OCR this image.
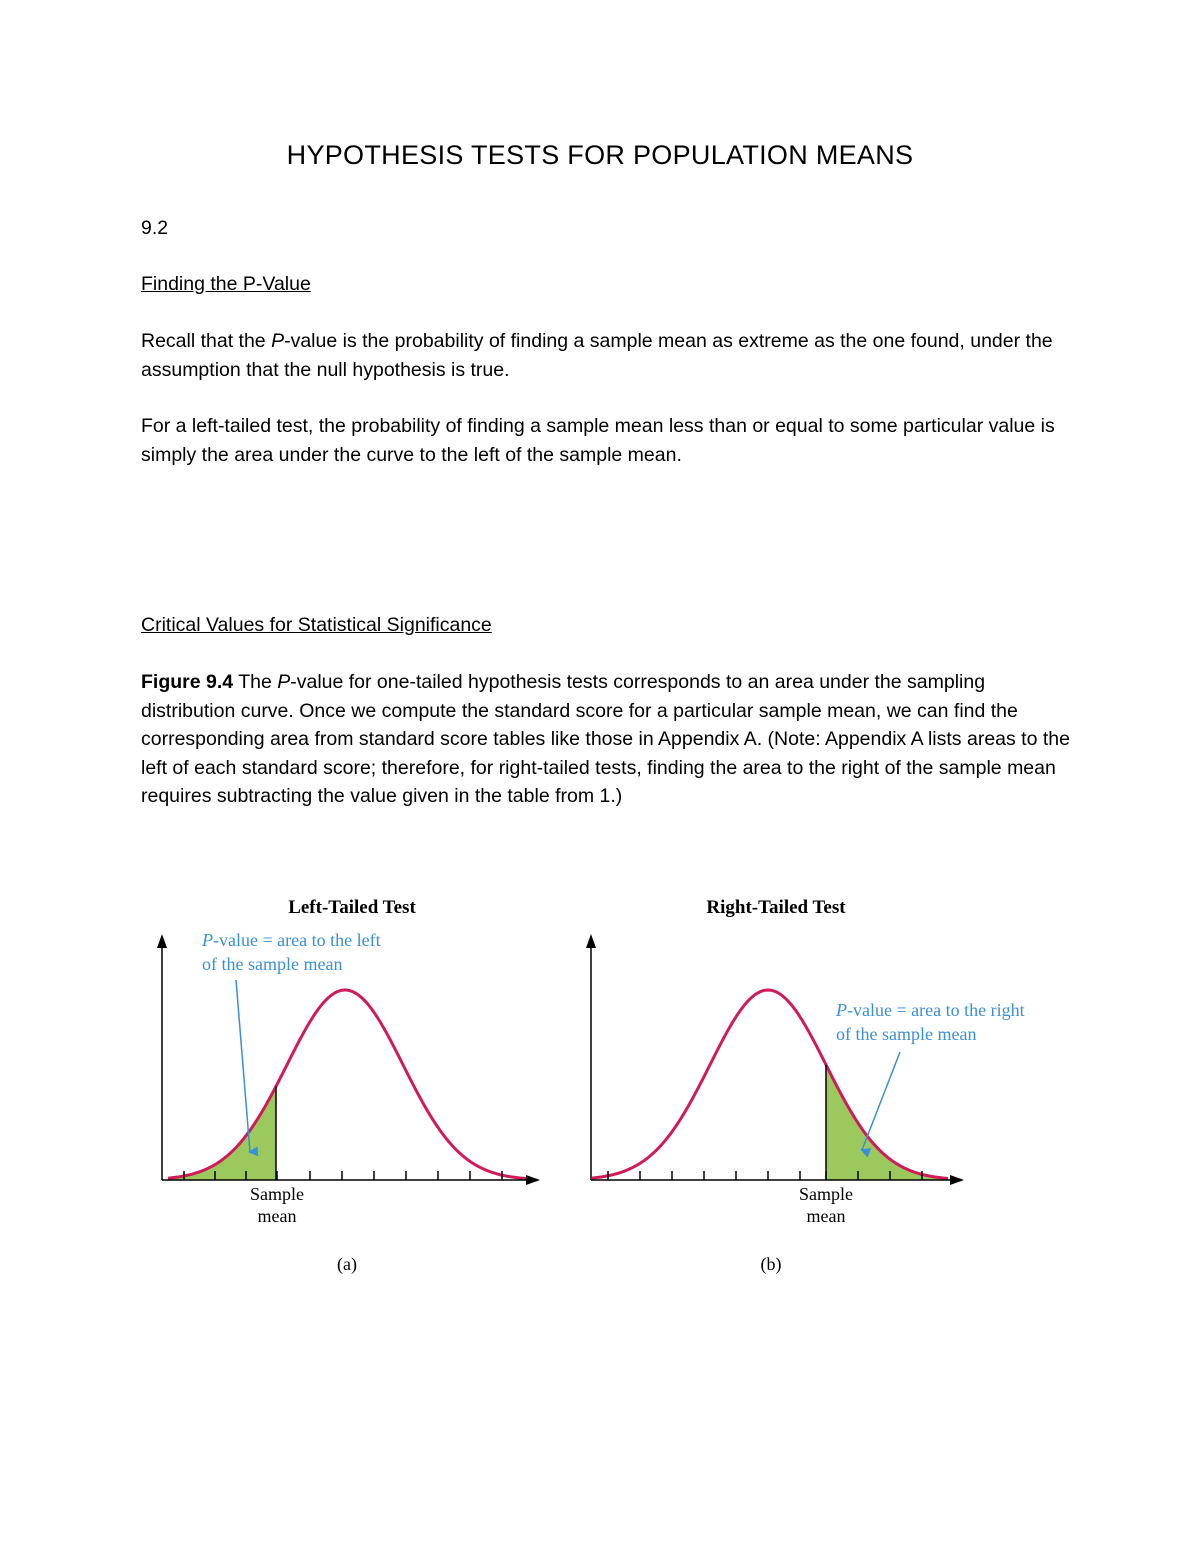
HYPOTHESIS TESTS FOR POPULATION MEANS
9.2
Finding the P-Value
Recall that the P-value is the probability of finding a sample mean as extreme as the one found, under the assumption that the null hypothesis is true.
For a left-tailed test, the probability of finding a sample mean less than or equal to some particular value is simply the area under the curve to the left of the sample mean.
Critical Values for Statistical Significance
Figure 9.4 The P-value for one-tailed hypothesis tests corresponds to an area under the sampling distribution curve. Once we compute the standard score for a particular sample mean, we can find the corresponding area from standard score tables like those in Appendix A. (Note: Appendix A lists areas to the left of each standard score; therefore, for right-tailed tests, finding the area to the right of the sample mean requires subtracting the value given in the table from 1.)
Left-Tailed Test
P-value = area to the left
of the sample mean
Sample
mean
(a)
Right-Tailed Test
P-value = area to the right
of the sample mean
Sample
mean
(b)
